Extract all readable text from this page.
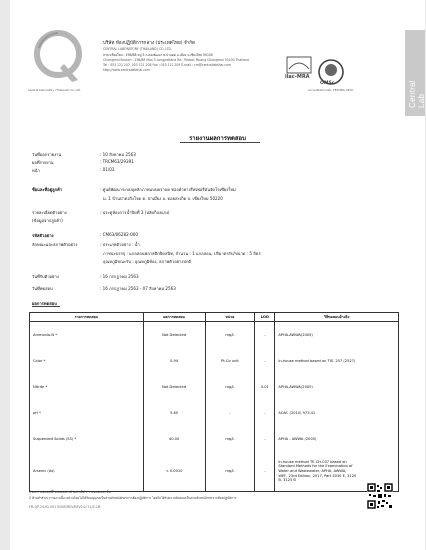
Central Laboratory (Thailand) Co.,Ltd.
บริษัท ห้องปฏิบัติการกลาง (ประเทศไทย) จำกัด
CENTRAL LABORATORY (THAILAND) CO.,LTD.
สาขาเชียงใหม่ : 198/88 หมู่ 5 ถ.ลองพัฒนา ต.ป่าแดด อ.เมือง จ.เชียงใหม่ 50100
Chiangmai Branch : 198/88 Moo 5 Longpattana Rd., Padad, Muang Chiangmai 50100 Thailand
Tel : 053 121 207, 053 121 208 Fax : 053 121 209 E-mail : cm@centrallabthai.com
http://www.centrallabthai.com
ilac-MRA
OMSc
Accreditation No. TESTING 0150	Central Lab
รายงานผลการทดสอบ
วันที่ออกรายงาน	: 10 สิงหาคม 2563
ผลที่รายงาน	: TRCM63/29391
หน้า	: 01/03
ชื่อและที่อยู่ลูกค้า	: ศูนย์พัฒนาระบบบุคลิกภาพแบบคราบค ทองคำทางรีฟเฟอรีมันจัดโจเซียงใหม่
ม. 1 บ้านป่าดงกิ่งโจด ต. ป่าเมี่ยง อ. ดอยสะเก็ด จ. เชียงใหม่ 50220
รายละเอียดตัวอย่าง	: ประตูห้องการน้ำปิดที่ 3 (ปลัดก็ลงแรง)
(ข้อมูลจากลูกค้า)
รหัสตัวอย่าง	: CM63/06282-000
ลักษณะและสภาพตัวอย่าง	: ประเภทตัวอย่าง : น้ำ
ภาชนะบรรจุ : แกลลอนพลาสติกปิดสนิท, จำนวน : 1 แกลลอน, ปริมาตรรับ/ขนาด : 5 ลิตร
อุณหภูมิขณะรับ : อุณหภูมิห้อง, สภาพตัวอย่างปกติ
วันที่รับตัวอย่าง	: 16 กรกฎาคม 2563
วันที่ทดสอบ	: 16 กรกฎาคม 2563 - 07 สิงหาคม 2563
ผลการทดสอบ
รายการทดสอบ	ผลการทดสอบ	หน่วย	LOD	วิธีทดสอบอ้างอิง
Ammonia-N *	Not Detected	mg/L	-	APHA-AWWA(2005)
Color *	0.94	Pt-Co unit	-	In-house method based on TIS. 257 (2527)
Nitrite *	Not Detected	mg/L	0.01	APHA-AWWA(2005)
pH *	5.65	-	-	AOAC (2010) 973.41
Suspended Solids (SS) *	40.00	mg/L	-	APHA - AWWA (2005)
Arsenic (As)	< 0.0010	mg/L	-	In-house method TE-CH-037 based on
Standard Methods for the Examination of
Water and Wastewater, APHA, AWWA,
WEF, 23rd Edition, 2017, Part 3030 E, 3120
B, 3125 B
1 ผลการทดสอบนี้รับรองเฉพาะตัวอย่างที่ทำการทดสอบเท่านั้น
2 ห้ามทำสำเนารายงานนี้บางส่วนโดยไม่ได้รับอนุญาตเป็นลายลักษณ์อักษรจากห้องปฏิบัติการ โดยไม่ได้รับความยินยอมเป็นลายลักษณ์อักษรจากห้องปฏิบัติการ
FM-QP-24-01-001 ISSUE/REV/REV2.0/ 11/3-CM
